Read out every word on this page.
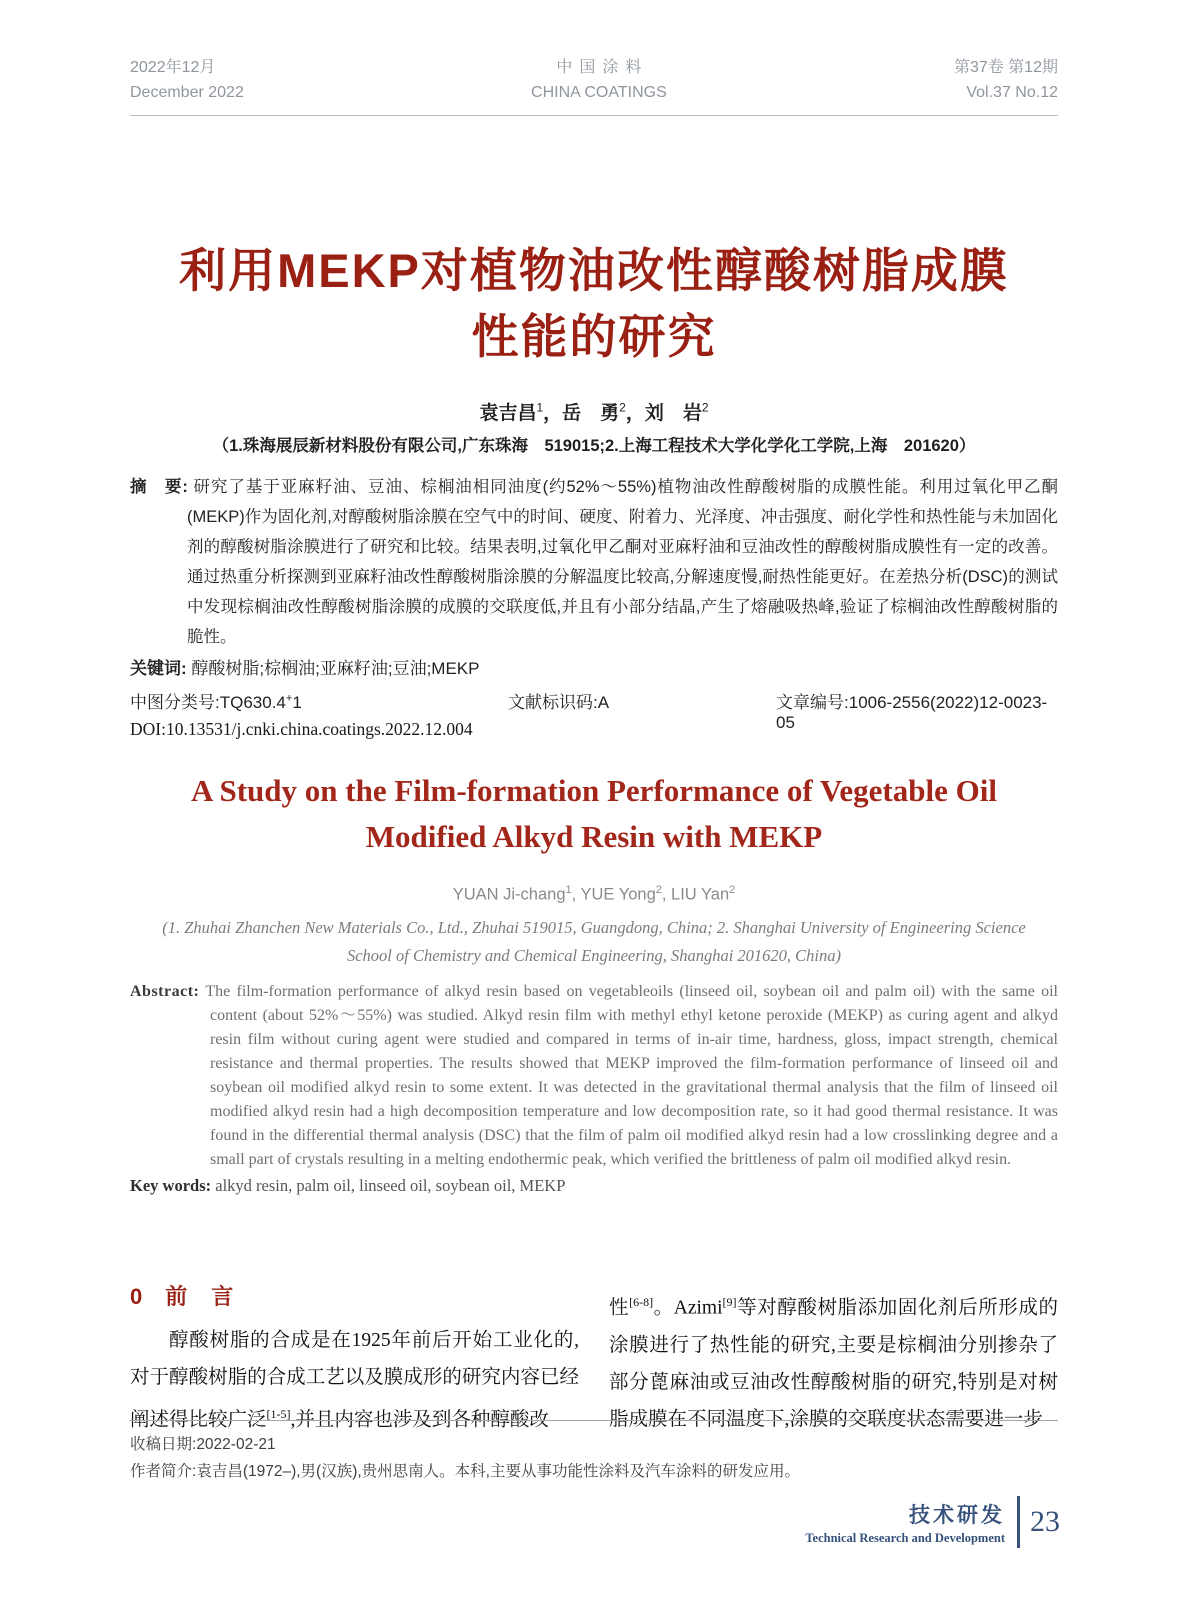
2022年12月
December 2022
中国涂料
CHINA COATINGS
第37卷 第12期
Vol.37 No.12
利用MEKP对植物油改性醇酸树脂成膜
性能的研究
袁吉昌$^1$，岳　勇$^2$，刘　岩$^2$
（1.珠海展辰新材料股份有限公司,广东珠海　519015;2.上海工程技术大学化学化工学院,上海　201620）
摘　要: 研究了基于亚麻籽油、豆油、棕榈油相同油度(约52%～55%)植物油改性醇酸树脂的成膜性能。利用过氧化甲乙酮(MEKP)作为固化剂,对醇酸树脂涂膜在空气中的时间、硬度、附着力、光泽度、冲击强度、耐化学性和热性能与未加固化剂的醇酸树脂涂膜进行了研究和比较。结果表明,过氧化甲乙酮对亚麻籽油和豆油改性的醇酸树脂成膜性有一定的改善。通过热重分析探测到亚麻籽油改性醇酸树脂涂膜的分解温度比较高,分解速度慢,耐热性能更好。在差热分析(DSC)的测试中发现棕榈油改性醇酸树脂涂膜的成膜的交联度低,并且有小部分结晶,产生了熔融吸热峰,验证了棕榈油改性醇酸树脂的脆性。
关键词: 醇酸树脂;棕榈油;亚麻籽油;豆油;MEKP
中图分类号:TQ630.4+1	文献标识码:A	文章编号:1006-2556(2022)12-0023-05
DOI:10.13531/j.cnki.china.coatings.2022.12.004
A Study on the Film-formation Performance of Vegetable Oil
Modified Alkyd Resin with MEKP
YUAN Ji-chang$^1$, YUE Yong$^2$, LIU Yan$^2$
(1. Zhuhai Zhanchen New Materials Co., Ltd., Zhuhai 519015, Guangdong, China; 2. Shanghai University of Engineering Science
School of Chemistry and Chemical Engineering, Shanghai 201620, China)
Abstract: The film-formation performance of alkyd resin based on vegetableoils (linseed oil, soybean oil and palm oil) with the same oil content (about 52%～55%) was studied. Alkyd resin film with methyl ethyl ketone peroxide (MEKP) as curing agent and alkyd resin film without curing agent were studied and compared in terms of in-air time, hardness, gloss, impact strength, chemical resistance and thermal properties. The results showed that MEKP improved the film-formation performance of linseed oil and soybean oil modified alkyd resin to some extent. It was detected in the gravitational thermal analysis that the film of linseed oil modified alkyd resin had a high decomposition temperature and low decomposition rate, so it had good thermal resistance. It was found in the differential thermal analysis (DSC) that the film of palm oil modified alkyd resin had a low crosslinking degree and a small part of crystals resulting in a melting endothermic peak, which verified the brittleness of palm oil modified alkyd resin.
Key words: alkyd resin, palm oil, linseed oil, soybean oil, MEKP
0 前　言

醇酸树脂的合成是在1925年前后开始工业化的,对于醇酸树脂的合成工艺以及膜成形的研究内容已经阐述得比较广泛[1-5],并且内容也涉及到各种醇酸改

性[6-8]。Azimi[9]等对醇酸树脂添加固化剂后所形成的涂膜进行了热性能的研究,主要是棕榈油分别掺杂了部分蓖麻油或豆油改性醇酸树脂的研究,特别是对树脂成膜在不同温度下,涂膜的交联度状态需要进一步

收稿日期:2022-02-21
作者简介:袁吉昌(1972–),男(汉族),贵州思南人。本科,主要从事功能性涂料及汽车涂料的研发应用。
技术研发
Technical Research and Development 23
